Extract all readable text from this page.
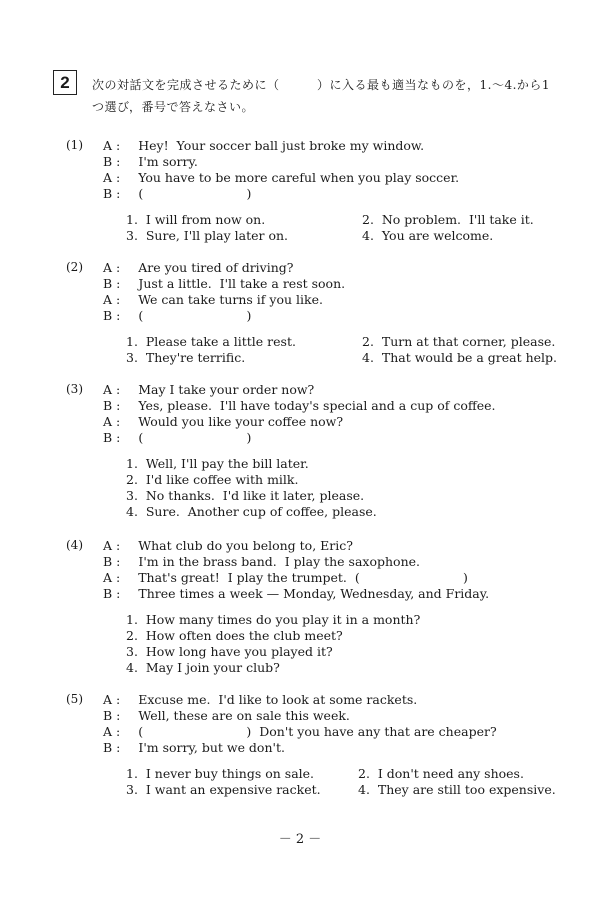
2	次の対話文を完成させるために（　　　）に入る最も適当なものを，1.～4.から1つ選び，番号で答えなさい。
(1) A : Hey!  Your soccer ball just broke my window.
B : I'm sorry.
A : You have to be more careful when you play soccer.
B : (                          )
1.  I will from now on.	2.  No problem.  I'll take it.
3.  Sure, I'll play later on.	4.  You are welcome.
(2) A : Are you tired of driving?
B : Just a little.  I'll take a rest soon.
A : We can take turns if you like.
B : (                          )
1.  Please take a little rest.	2.  Turn at that corner, please.
3.  They're terrific.	4.  That would be a great help.
(3) A : May I take your order now?
B : Yes, please.  I'll have today's special and a cup of coffee.
A : Would you like your coffee now?
B : (                          )
1.  Well, I'll pay the bill later.
2.  I'd like coffee with milk.
3.  No thanks.  I'd like it later, please.
4.  Sure.  Another cup of coffee, please.
(4) A : What club do you belong to, Eric?
B : I'm in the brass band.  I play the saxophone.
A : That's great!  I play the trumpet.  (                          )
B : Three times a week — Monday, Wednesday, and Friday.
1.  How many times do you play it in a month?
2.  How often does the club meet?
3.  How long have you played it?
4.  May I join your club?
(5) A : Excuse me.  I'd like to look at some rackets.
B : Well, these are on sale this week.
A : (                          )  Don't you have any that are cheaper?
B : I'm sorry, but we don't.
1.  I never buy things on sale.	2.  I don't need any shoes.
3.  I want an expensive racket.	4.  They are still too expensive.
－ 2 －
